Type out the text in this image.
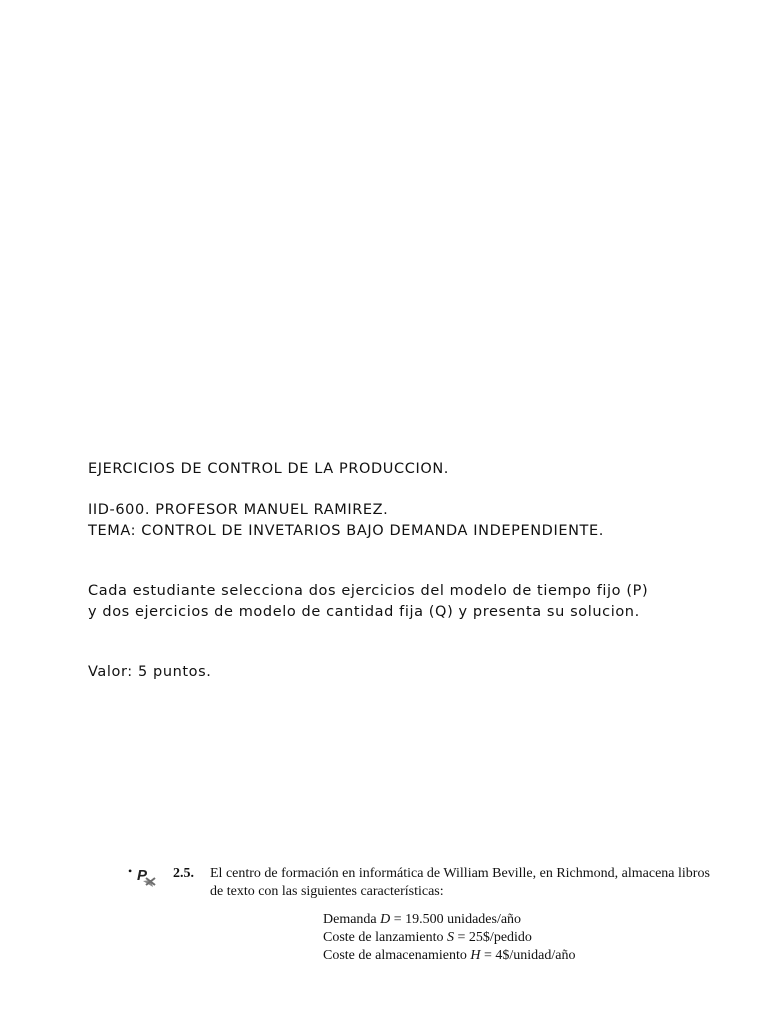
EJERCICIOS DE CONTROL DE LA PRODUCCION.
IID-600. PROFESOR MANUEL RAMIREZ.
TEMA: CONTROL DE INVETARIOS BAJO DEMANDA INDEPENDIENTE.
Cada estudiante selecciona dos ejercicios del modelo de tiempo fijo (P)
y dos ejercicios de modelo de cantidad fija (Q) y presenta su solucion.
Valor: 5 puntos.
• P 2.5. El centro de formación en informática de William Beville, en Richmond, almacena libros
de texto con las siguientes características:
Demanda D = 19.500 unidades/año
Coste de lanzamiento S = 25$/pedido
Coste de almacenamiento H = 4$/unidad/año
